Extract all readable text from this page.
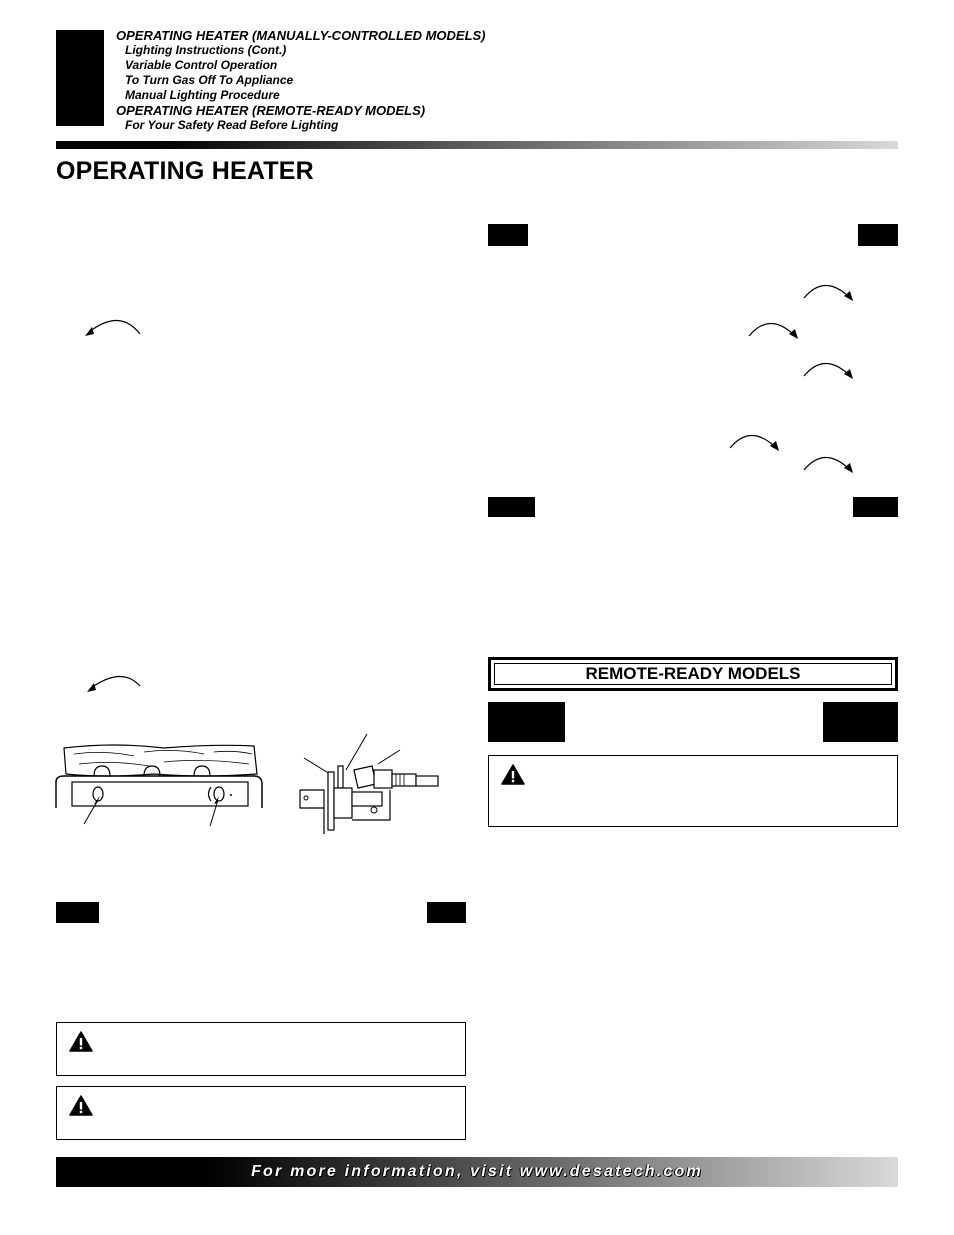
OPERATING HEATER (MANUALLY-CONTROLLED MODELS)
Lighting Instructions (Cont.)
Variable Control Operation
To Turn Gas Off To Appliance
Manual Lighting Procedure
OPERATING HEATER (REMOTE-READY MODELS)
For Your Safety Read Before Lighting
OPERATING HEATER
REMOTE-READY MODELS
For more information, visit www.desatech.com
